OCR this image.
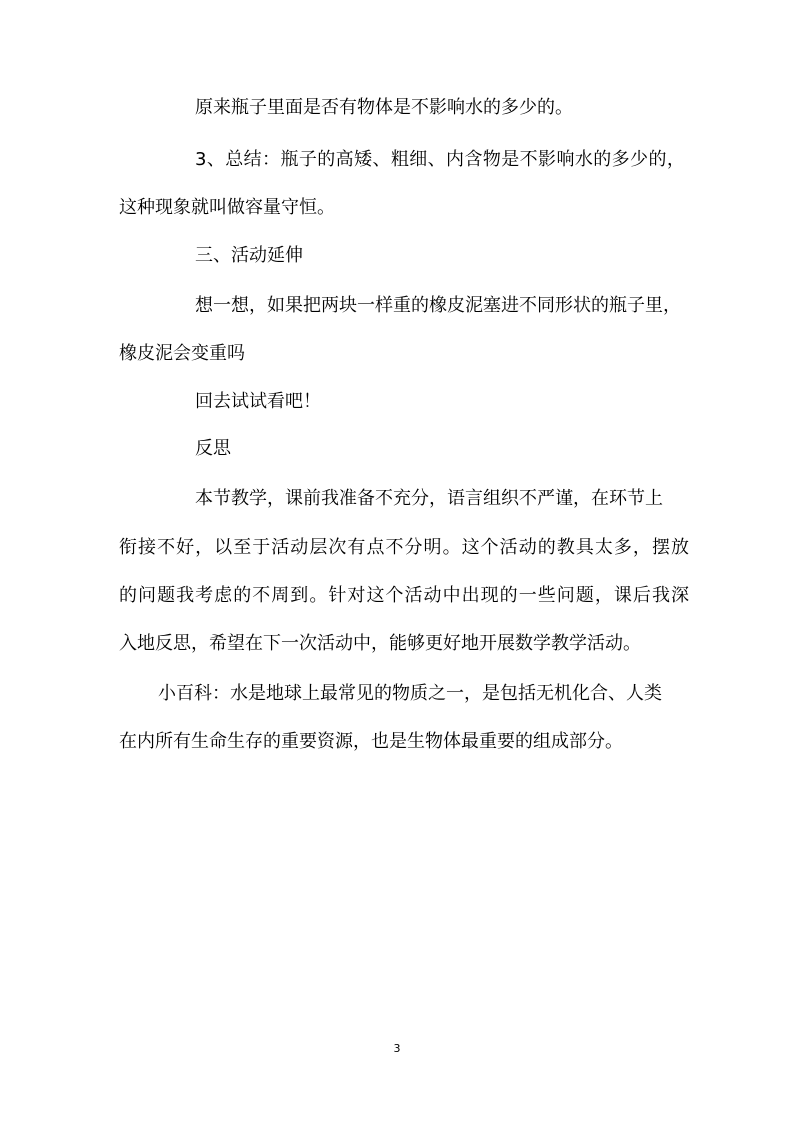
原来瓶子里面是否有物体是不影响水的多少的。
3、总结：瓶子的高矮、粗细、内含物是不影响水的多少的，
这种现象就叫做容量守恒。
三、活动延伸
想一想，如果把两块一样重的橡皮泥塞进不同形状的瓶子里，
橡皮泥会变重吗
回去试试看吧！
反思
本节教学，课前我准备不充分，语言组织不严谨，在环节上
衔接不好，以至于活动层次有点不分明。这个活动的教具太多，摆放
的问题我考虑的不周到。针对这个活动中出现的一些问题，课后我深
入地反思，希望在下一次活动中，能够更好地开展数学教学活动。
小百科：水是地球上最常见的物质之一，是包括无机化合、人类
在内所有生命生存的重要资源，也是生物体最重要的组成部分。
3
